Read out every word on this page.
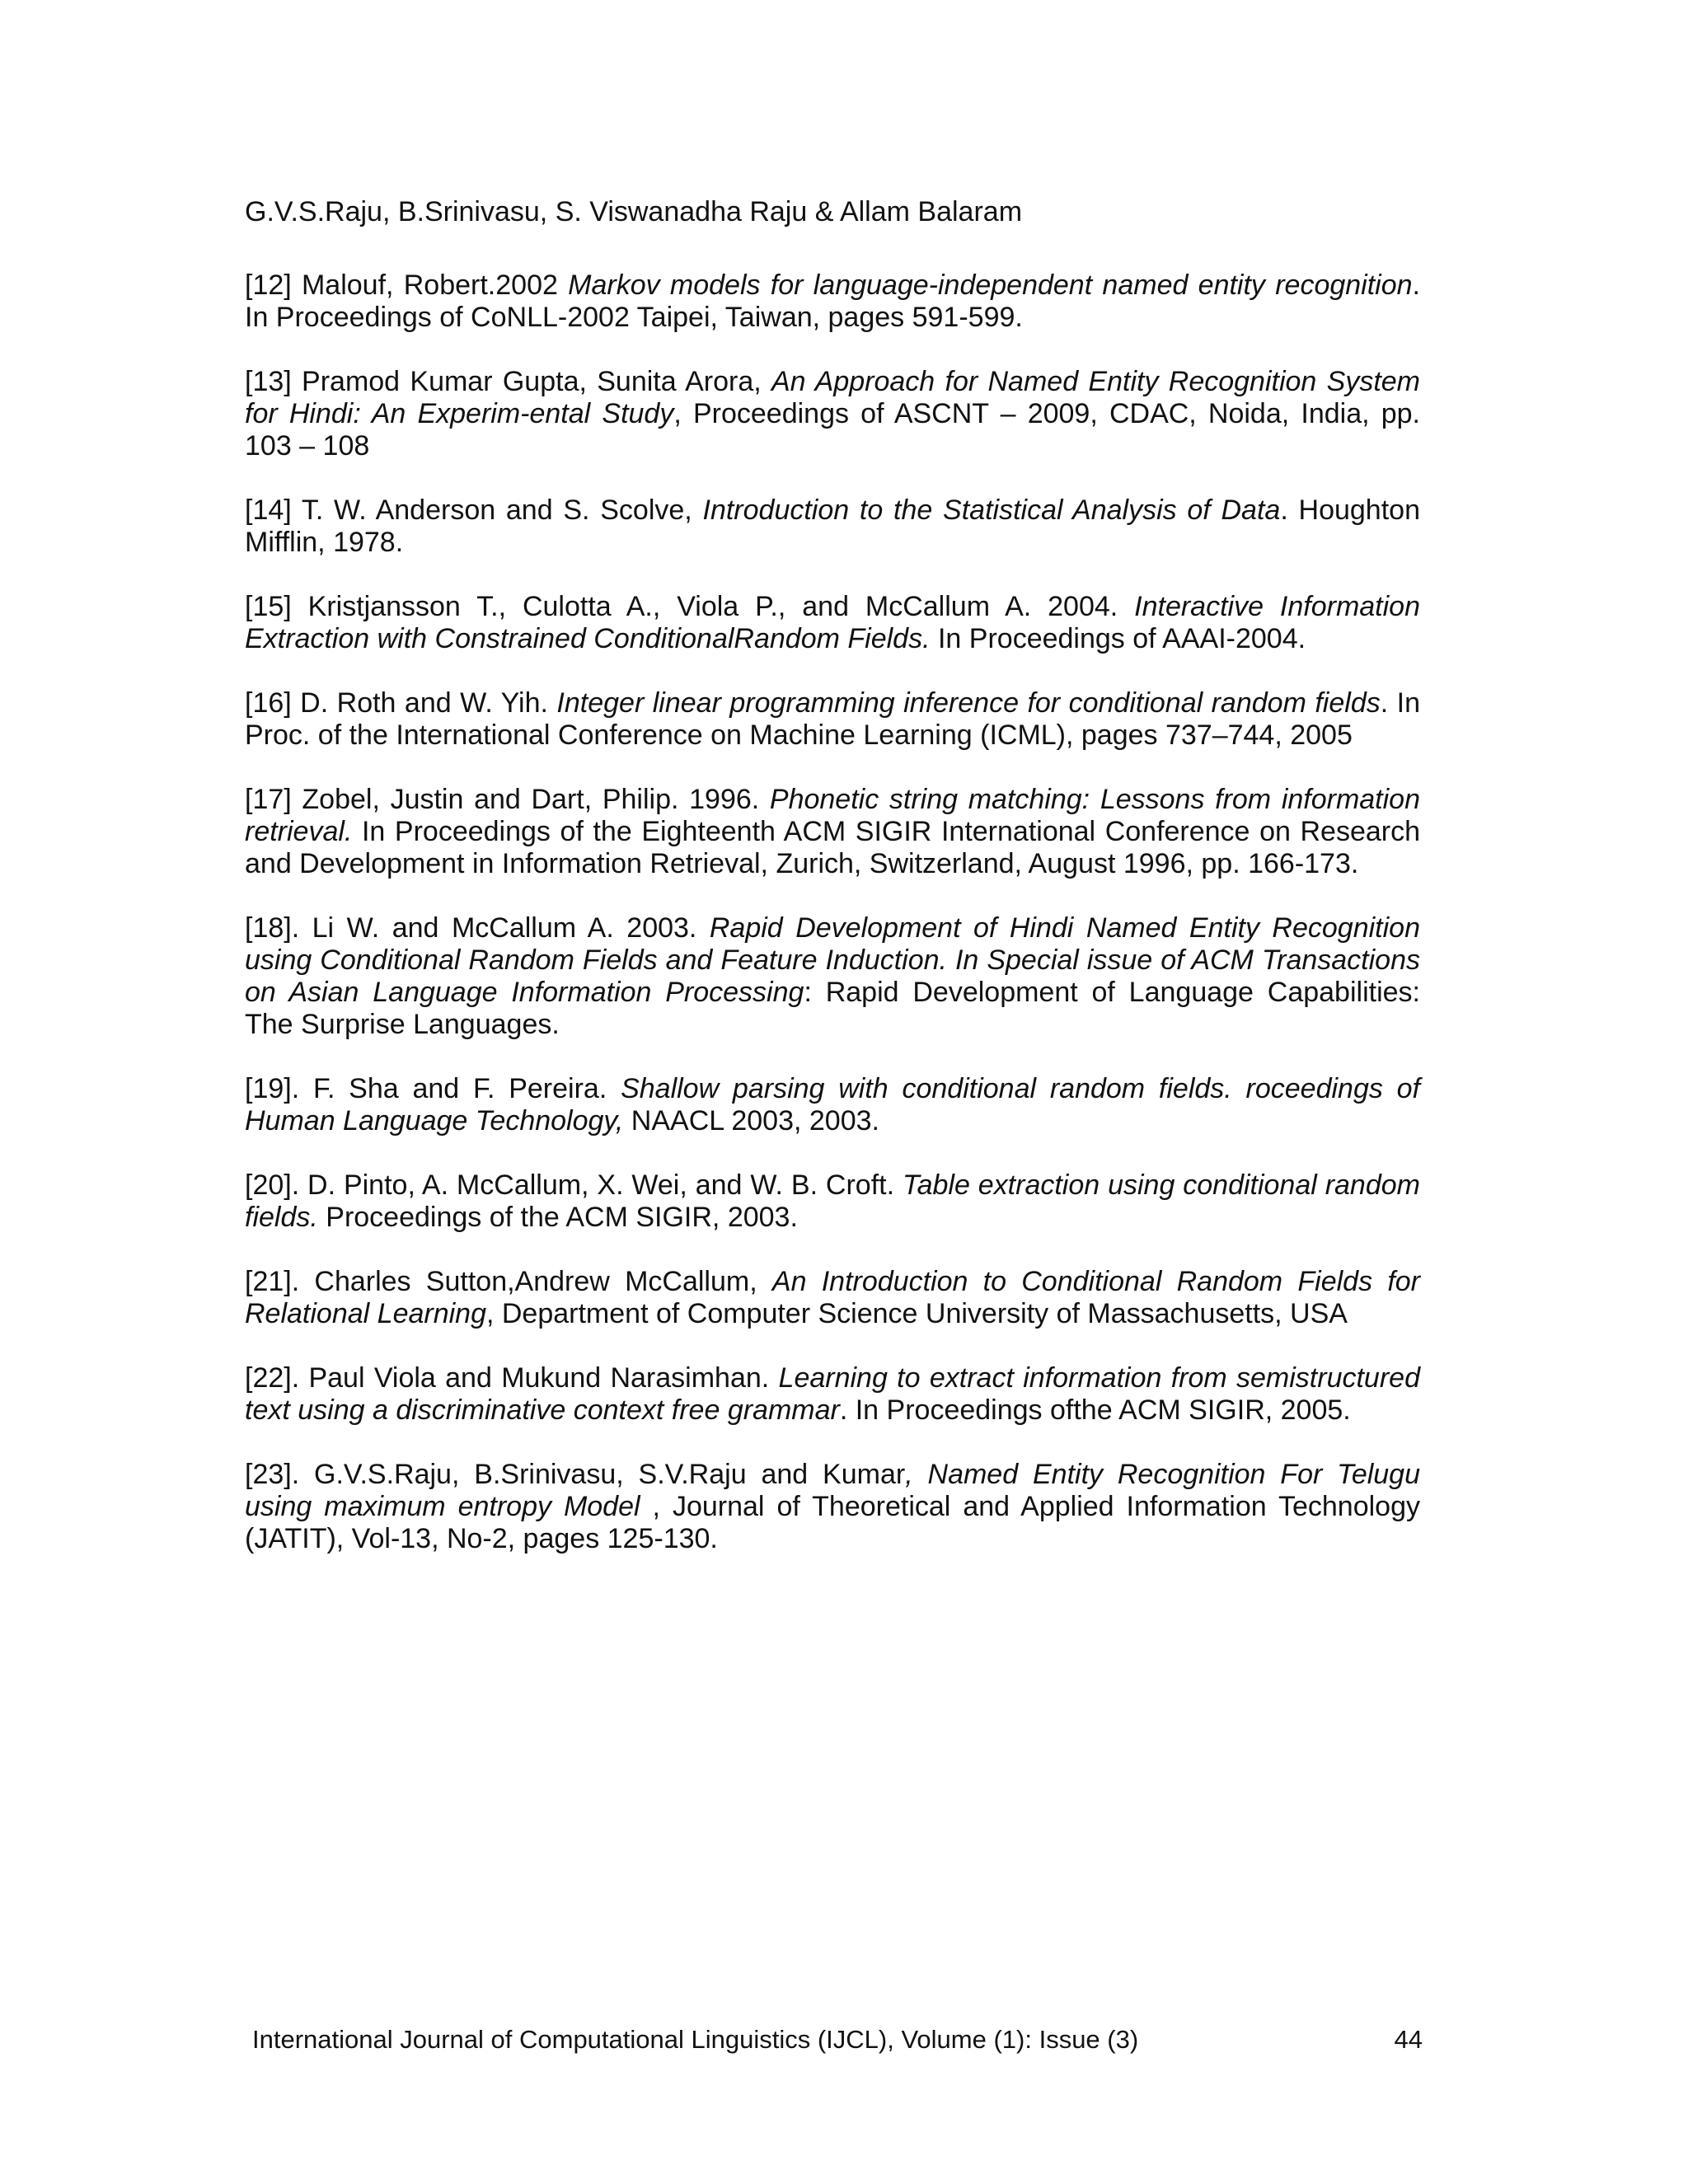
G.V.S.Raju, B.Srinivasu, S. Viswanadha Raju & Allam Balaram

[12] Malouf, Robert.2002 Markov models for language-independent named entity recognition. In Proceedings of CoNLL-2002 Taipei, Taiwan, pages 591-599.

[13] Pramod Kumar Gupta, Sunita Arora, An Approach for Named Entity Recognition System for Hindi: An Experim-ental Study, Proceedings of ASCNT – 2009, CDAC, Noida, India, pp. 103 – 108

[14] T. W. Anderson and S. Scolve, Introduction to the Statistical Analysis of Data. Houghton Mifflin, 1978.

[15] Kristjansson T., Culotta A., Viola P., and McCallum A. 2004. Interactive Information Extraction with Constrained ConditionalRandom Fields. In Proceedings of AAAI-2004.

[16] D. Roth and W. Yih. Integer linear programming inference for conditional random fields. In Proc. of the International Conference on Machine Learning (ICML), pages 737–744, 2005

[17] Zobel, Justin and Dart, Philip. 1996. Phonetic string matching: Lessons from information retrieval. In Proceedings of the Eighteenth ACM SIGIR International Conference on Research and Development in Information Retrieval, Zurich, Switzerland, August 1996, pp. 166-173.

[18]. Li W. and McCallum A. 2003. Rapid Development of Hindi Named Entity Recognition using Conditional Random Fields and Feature Induction. In Special issue of ACM Transactions on Asian Language Information Processing: Rapid Development of Language Capabilities: The Surprise Languages.

[19]. F. Sha and F. Pereira. Shallow parsing with conditional random fields. roceedings of Human Language Technology, NAACL 2003, 2003.

[20]. D. Pinto, A. McCallum, X. Wei, and W. B. Croft. Table extraction using conditional random fields. Proceedings of the ACM SIGIR, 2003.

[21]. Charles Sutton,Andrew McCallum, An Introduction to Conditional Random Fields for Relational Learning, Department of Computer Science University of Massachusetts, USA

[22]. Paul Viola and Mukund Narasimhan. Learning to extract information from semistructured text using a discriminative context free grammar. In Proceedings ofthe ACM SIGIR, 2005.

[23]. G.V.S.Raju, B.Srinivasu, S.V.Raju and Kumar, Named Entity Recognition For Telugu using maximum entropy Model , Journal of Theoretical and Applied Information Technology (JATIT), Vol-13, No-2, pages 125-130.

International Journal of Computational Linguistics (IJCL), Volume (1): Issue (3)	44
